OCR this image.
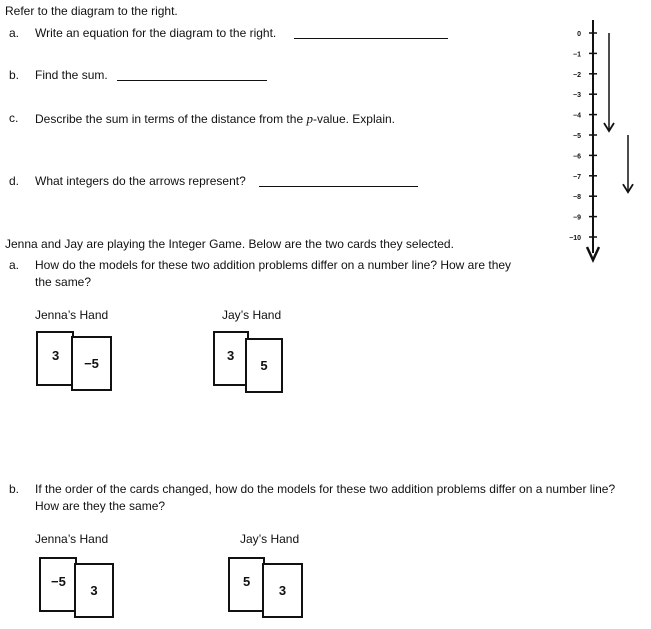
Refer to the diagram to the right.
a. Write an equation for the diagram to the right.
b. Find the sum.
c. Describe the sum in terms of the distance from the p-value. Explain.
d. What integers do the arrows represent?
0
−1
−2
−3
−4
−5
−6
−7
−8
−9
−10
Jenna and Jay are playing the Integer Game. Below are the two cards they selected.
a. How do the models for these two addition problems differ on a number line? How are they
the same?
Jenna’s Hand	Jay’s Hand
3
−5
3
5
b. If the order of the cards changed, how do the models for these two addition problems differ on a number line?
How are they the same?
Jenna’s Hand	Jay’s Hand
−5
3
5
3
